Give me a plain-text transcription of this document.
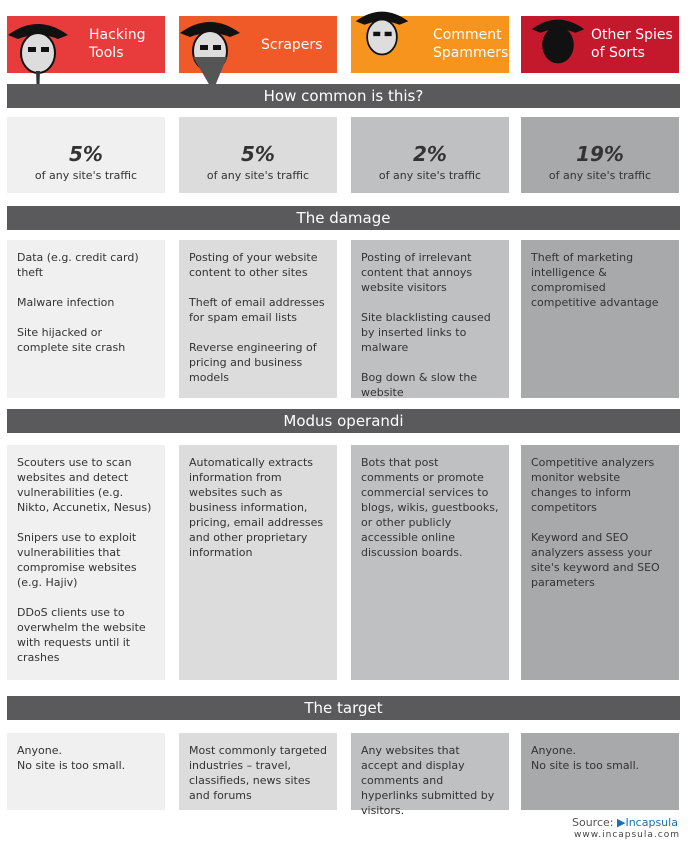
Hacking
Tools	Scrapers
Comment
Spammers
Other Spies
of Sorts
How common is this?
The damage
Modus operandi
The target
5%
of any site's traffic
5%
of any site's traffic
2%
of any site's traffic
19%
of any site's traffic

Data (e.g. credit card) theft

Malware infection

Site hijacked or complete site crash

Posting of your website content to other sites

Theft of email addresses for spam email lists

Reverse engineering of pricing and business models

Posting of irrelevant content that annoys website visitors

Site blacklisting caused by inserted links to malware

Bog down & slow the website

Theft of marketing intelligence & compromised competitive advantage

Scouters use to scan websites and detect vulnerabilities (e.g. Nikto, Accunetix, Nesus)

Snipers use to exploit vulnerabilities that compromise websites (e.g. Hajiv)

DDoS clients use to overwhelm the website with requests until it crashes

Automatically extracts information from websites such as business information, pricing, email addresses and other proprietary information

Bots that post comments or promote commercial services to blogs, wikis, guestbooks, or other publicly accessible online discussion boards.

Competitive analyzers monitor website changes to inform competitors

Keyword and SEO analyzers assess your site's keyword and SEO parameters

Anyone.
No site is too small.

Most commonly targeted industries – travel, classifieds, news sites and forums

Any websites that accept and display comments and hyperlinks submitted by visitors.

Anyone.
No site is too small.

Source: ▶Incapsula
www.incapsula.com
